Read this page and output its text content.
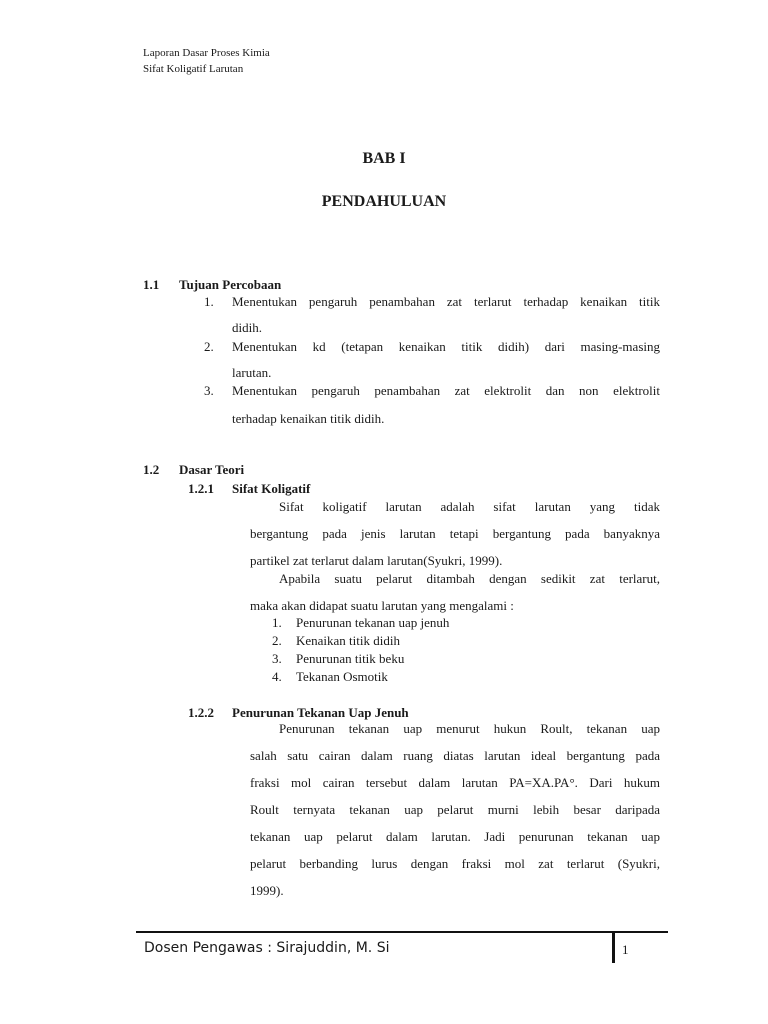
Laporan Dasar Proses Kimia
Sifat Koligatif Larutan
BAB I
PENDAHULUAN
1.1 Tujuan Percobaan
1. Menentukan pengaruh penambahan zat terlarut terhadap kenaikan titik
didih.
2. Menentukan kd (tetapan kenaikan titik didih) dari masing-masing
larutan.
3. Menentukan pengaruh penambahan zat elektrolit dan non elektrolit
terhadap kenaikan titik didih.
1.2 Dasar Teori
1.2.1 Sifat Koligatif
Sifat koligatif larutan adalah sifat larutan yang tidak
bergantung pada jenis larutan tetapi bergantung pada banyaknya
partikel zat terlarut dalam larutan(Syukri, 1999).
Apabila suatu pelarut ditambah dengan sedikit zat terlarut,
maka akan didapat suatu larutan yang mengalami :
1. Penurunan tekanan uap jenuh
2. Kenaikan titik didih
3. Penurunan titik beku
4. Tekanan Osmotik
1.2.2 Penurunan Tekanan Uap Jenuh
Penurunan tekanan uap menurut hukun Roult, tekanan uap
salah satu cairan dalam ruang diatas larutan ideal bergantung pada
fraksi mol cairan tersebut dalam larutan PA=XA.PA°. Dari hukum
Roult ternyata tekanan uap pelarut murni lebih besar daripada
tekanan uap pelarut dalam larutan. Jadi penurunan tekanan uap
pelarut berbanding lurus dengan fraksi mol zat terlarut (Syukri,
1999).
Dosen Pengawas : Sirajuddin, M. Si	1
